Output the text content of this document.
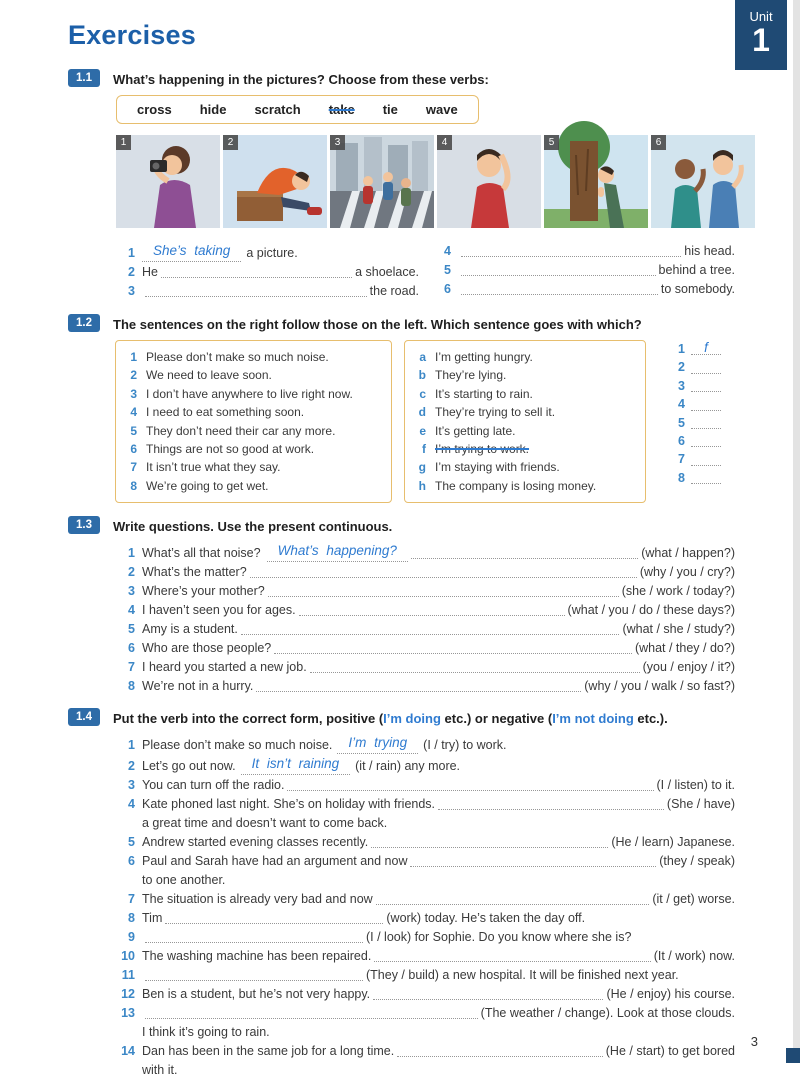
Unit
1
3
Exercises
1.1	What’s happening in the pictures? Choose from these verbs:
cross hide scratch take tie wave
1	2	3	4	5	6
1	She’s taking	a picture.
2 He	a shoelace.
3	the road.
4	his head.
5	behind a tree.
6	to somebody.
1.2	The sentences on the right follow those on the left. Which sentence goes with which?
1 Please don’t make so much noise.
2 We need to leave soon.
3 I don’t have anywhere to live right now.
4 I need to eat something soon.
5 They don’t need their car any more.
6 Things are not so good at work.
7 It isn’t true what they say.
8 We’re going to get wet.
a I’m getting hungry.
b They’re lying.
c It’s starting to rain.
d They’re trying to sell it.
e It’s getting late.
f I’m trying to work.
g I’m staying with friends.
h The company is losing money.
1 f
2
3
4
5
6
7
8
1.3	Write questions. Use the present continuous.
1 What’s all that noise?	What’s happening?	(what / happen?)
2 What’s the matter?	(why / you / cry?)
3 Where’s your mother?	(she / work / today?)
4 I haven’t seen you for ages.	(what / you / do / these days?)
5 Amy is a student.	(what / she / study?)
6 Who are those people?	(what / they / do?)
7 I heard you started a new job.	(you / enjoy / it?)
8 We’re not in a hurry.	(why / you / walk / so fast?)
1.4	Put the verb into the correct form, positive (I’m doing etc.) or negative (I’m not doing etc.).
1 Please don’t make so much noise.	I’m trying	(I / try) to work.
2 Let’s go out now.	It isn’t raining	(it / rain) any more.
3 You can turn off the radio.	(I / listen) to it.
4 Kate phoned last night. She’s on holiday with friends.	(She / have)
a great time and doesn’t want to come back.
5 Andrew started evening classes recently.	(He / learn) Japanese.
6 Paul and Sarah have had an argument and now	(they / speak)
to one another.
7 The situation is already very bad and now	(it / get) worse.
8 Tim	(work) today. He’s taken the day off.
9	(I / look) for Sophie. Do you know where she is?
10 The washing machine has been repaired.	(It / work) now.
11	(They / build) a new hospital. It will be finished next year.
12 Ben is a student, but he’s not very happy.	(He / enjoy) his course.
13	(The weather / change). Look at those clouds.
I think it’s going to rain.
14 Dan has been in the same job for a long time.	(He / start) to get bored
with it.
